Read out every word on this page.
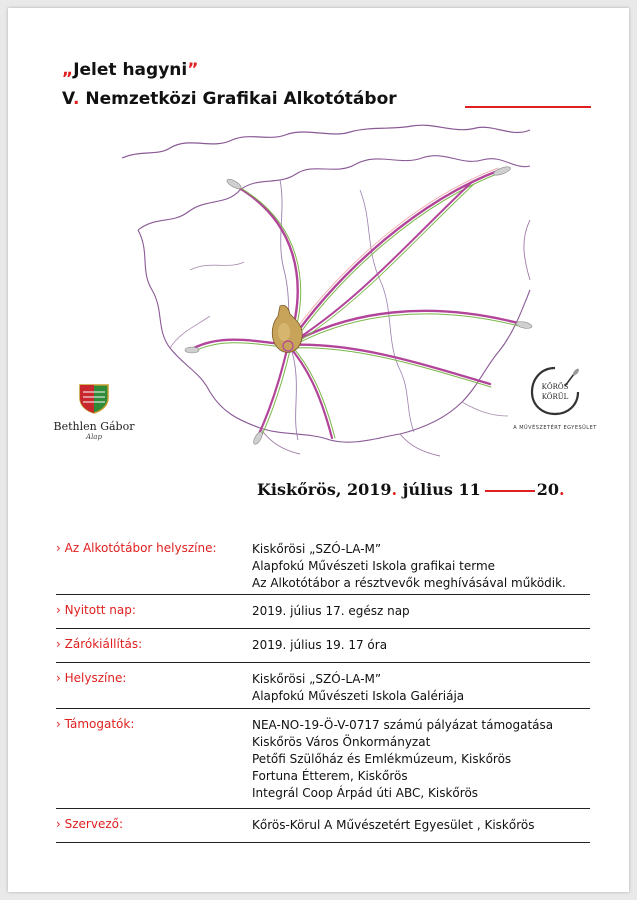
„Jelet hagyni”
V. Nemzetközi Grafikai Alkotótábor
Bethlen Gábor
Alap
KŐRÖS
KÖRÜL
A MŰVÉSZETÉRT EGYESÜLET
Kiskőrös, 2019. július 11	20.
› Az Alkotótábor helyszíne:	Kiskőrösi „SZÓ-LA-M”
Alapfokú Művészeti Iskola grafikai terme
Az Alkotótábor a résztvevők meghívásával működik.
› Nyitott nap:	2019. július 17. egész nap
› Zárókiállítás:	2019. július 19. 17 óra
› Helyszíne:	Kiskőrösi „SZÓ-LA-M”
Alapfokú Művészeti Iskola Galériája
› Támogatók:	NEA-NO-19-Ö-V-0717 számú pályázat támogatása
Kiskőrös Város Önkormányzat
Petőfi Szülőház és Emlékmúzeum, Kiskőrös
Fortuna Étterem, Kiskőrös
Integrál Coop Árpád úti ABC, Kiskőrös
› Szervező:	Kőrös-Körul A Művészetért Egyesület , Kiskőrös
